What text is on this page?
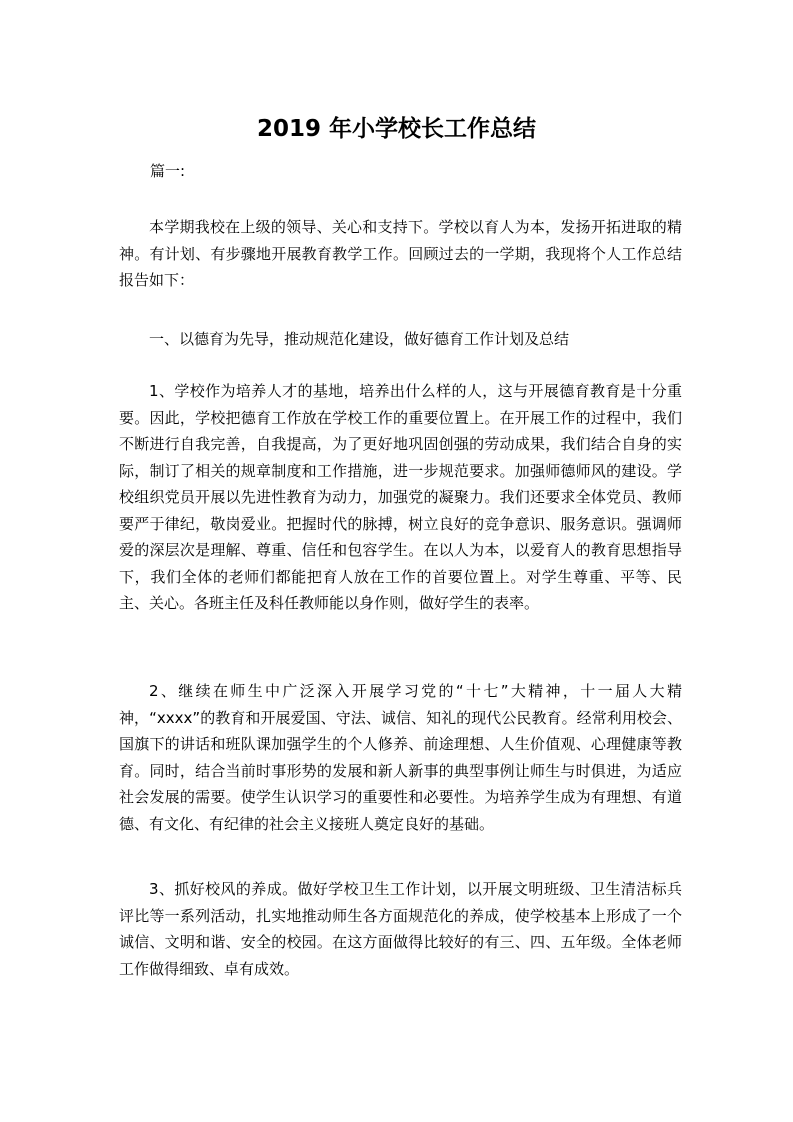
2019 年小学校长工作总结

篇一:

本学期我校在上级的领导、关心和支持下。学校以育人为本，发扬开拓进取的精神。有计划、有步骤地开展教育教学工作。回顾过去的一学期，我现将个人工作总结报告如下：

一、以德育为先导，推动规范化建设，做好德育工作计划及总结

1、学校作为培养人才的基地，培养出什么样的人，这与开展德育教育是十分重要。因此，学校把德育工作放在学校工作的重要位置上。在开展工作的过程中，我们不断进行自我完善，自我提高，为了更好地巩固创强的劳动成果，我们结合自身的实际，制订了相关的规章制度和工作措施，进一步规范要求。加强师德师风的建设。学校组织党员开展以先进性教育为动力，加强党的凝聚力。我们还要求全体党员、教师要严于律纪，敬岗爱业。把握时代的脉搏，树立良好的竞争意识、服务意识。强调师爱的深层次是理解、尊重、信任和包容学生。在以人为本，以爱育人的教育思想指导下，我们全体的老师们都能把育人放在工作的首要位置上。对学生尊重、平等、民主、关心。各班主任及科任教师能以身作则，做好学生的表率。

2、继续在师生中广泛深入开展学习党的“十七”大精神，十一届人大精神，“xxxx”的教育和开展爱国、守法、诚信、知礼的现代公民教育。经常利用校会、国旗下的讲话和班队课加强学生的个人修养、前途理想、人生价值观、心理健康等教育。同时，结合当前时事形势的发展和新人新事的典型事例让师生与时俱进，为适应社会发展的需要。使学生认识学习的重要性和必要性。为培养学生成为有理想、有道德、有文化、有纪律的社会主义接班人奠定良好的基础。

3、抓好校风的养成。做好学校卫生工作计划，以开展文明班级、卫生清洁标兵评比等一系列活动，扎实地推动师生各方面规范化的养成，使学校基本上形成了一个诚信、文明和谐、安全的校园。在这方面做得比较好的有三、四、五年级。全体老师工作做得细致、卓有成效。
